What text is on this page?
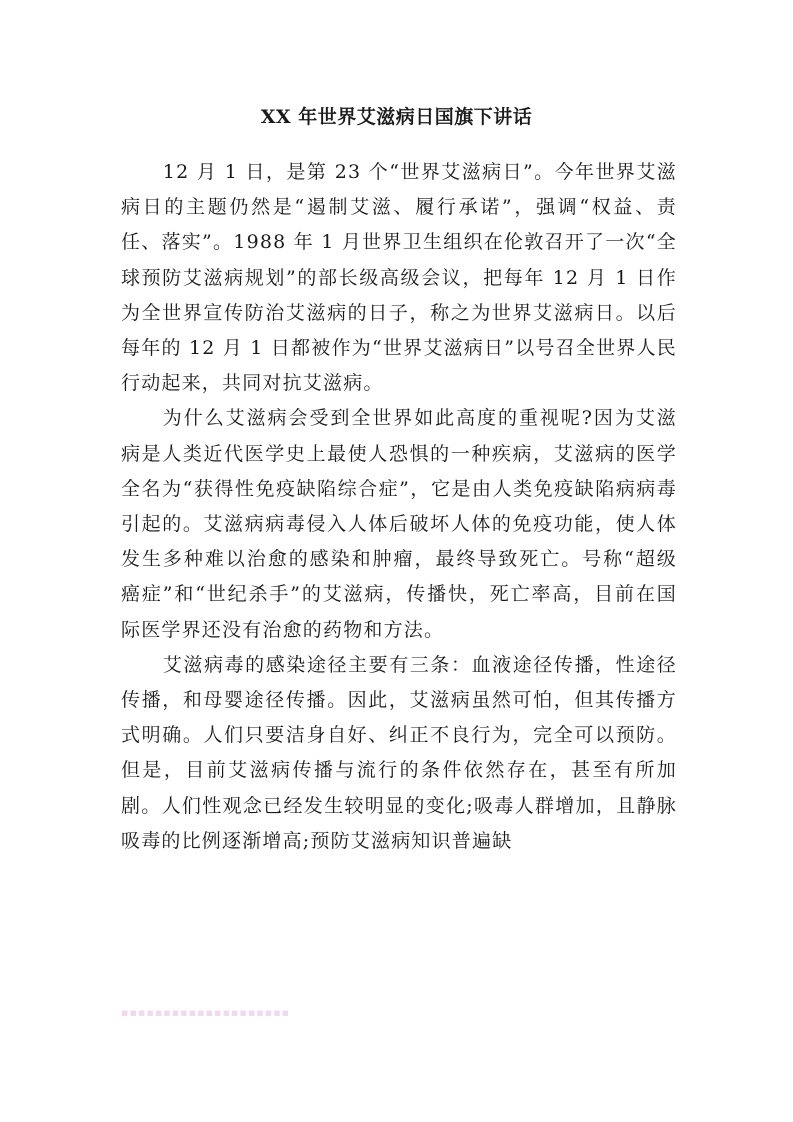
XX 年世界艾滋病日国旗下讲话

12 月 1 日，是第 23 个“世界艾滋病日”。今年世界艾滋病日的主题仍然是“遏制艾滋、履行承诺”，强调“权益、责任、落实”。1988 年 1 月世界卫生组织在伦敦召开了一次“全球预防艾滋病规划”的部长级高级会议，把每年 12 月 1 日作为全世界宣传防治艾滋病的日子，称之为世界艾滋病日。以后每年的 12 月 1 日都被作为“世界艾滋病日”以号召全世界人民行动起来，共同对抗艾滋病。

为什么艾滋病会受到全世界如此高度的重视呢?因为艾滋病是人类近代医学史上最使人恐惧的一种疾病，艾滋病的医学全名为“获得性免疫缺陷综合症”，它是由人类免疫缺陷病病毒引起的。艾滋病病毒侵入人体后破坏人体的免疫功能，使人体发生多种难以治愈的感染和肿瘤，最终导致死亡。号称“超级癌症”和“世纪杀手”的艾滋病，传播快，死亡率高，目前在国际医学界还没有治愈的药物和方法。

艾滋病毒的感染途径主要有三条：血液途径传播，性途径传播，和母婴途径传播。因此，艾滋病虽然可怕，但其传播方式明确。人们只要洁身自好、纠正不良行为，完全可以预防。但是，目前艾滋病传播与流行的条件依然存在，甚至有所加剧。人们性观念已经发生较明显的变化;吸毒人群增加，且静脉吸毒的比例逐渐增高;预防艾滋病知识普遍缺

▪▪▪▪▪▪▪▪▪▪▪▪▪▪▪▪▪▪▪▪
